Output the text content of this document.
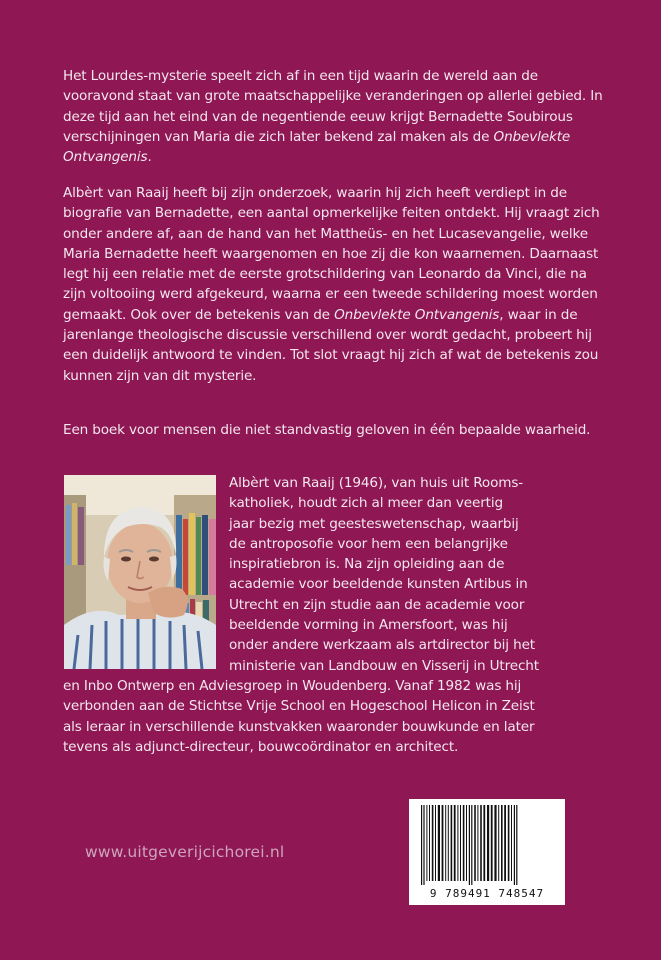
Het Lourdes-mysterie speelt zich af in een tijd waarin de wereld aan de vooravond staat van grote maatschappelijke veranderingen op allerlei gebied. In deze tijd aan het eind van de negentiende eeuw krijgt Bernadette Soubirous verschijningen van Maria die zich later bekend zal maken als de Onbevlekte Ontvangenis.

Albèrt van Raaij heeft bij zijn onderzoek, waarin hij zich heeft verdiept in de biografie van Bernadette, een aantal opmerkelijke feiten ontdekt. Hij vraagt zich onder andere af, aan de hand van het Mattheüs- en het Lucasevangelie, welke Maria Bernadette heeft waargenomen en hoe zij die kon waarnemen. Daarnaast legt hij een relatie met de eerste grotschildering van Leonardo da Vinci, die na zijn voltooiing werd afgekeurd, waarna er een tweede schildering moest worden gemaakt. Ook over de betekenis van de Onbevlekte Ontvangenis, waar in de jarenlange theologische discussie verschillend over wordt gedacht, probeert hij een duidelijk antwoord te vinden. Tot slot vraagt hij zich af wat de betekenis zou kunnen zijn van dit mysterie.

Een boek voor mensen die niet standvastig geloven in één bepaalde waarheid.

Albèrt van Raaij (1946), van huis uit Rooms-

katholiek, houdt zich al meer dan veertig

jaar bezig met geesteswetenschap, waarbij

de antroposofie voor hem een belangrijke

inspiratiebron is. Na zijn opleiding aan de

academie voor beeldende kunsten Artibus in

Utrecht en zijn studie aan de academie voor

beeldende vorming in Amersfoort, was hij

onder andere werkzaam als artdirector bij het

ministerie van Landbouw en Visserij in Utrecht

en Inbo Ontwerp en Adviesgroep in Woudenberg. Vanaf 1982 was hij

verbonden aan de Stichtse Vrije School en Hogeschool Helicon in Zeist

als leraar in verschillende kunstvakken waaronder bouwkunde en later

tevens als adjunct-directeur, bouwcoördinator en architect.

www.uitgeverijcichorei.nl
9 789491 748547
